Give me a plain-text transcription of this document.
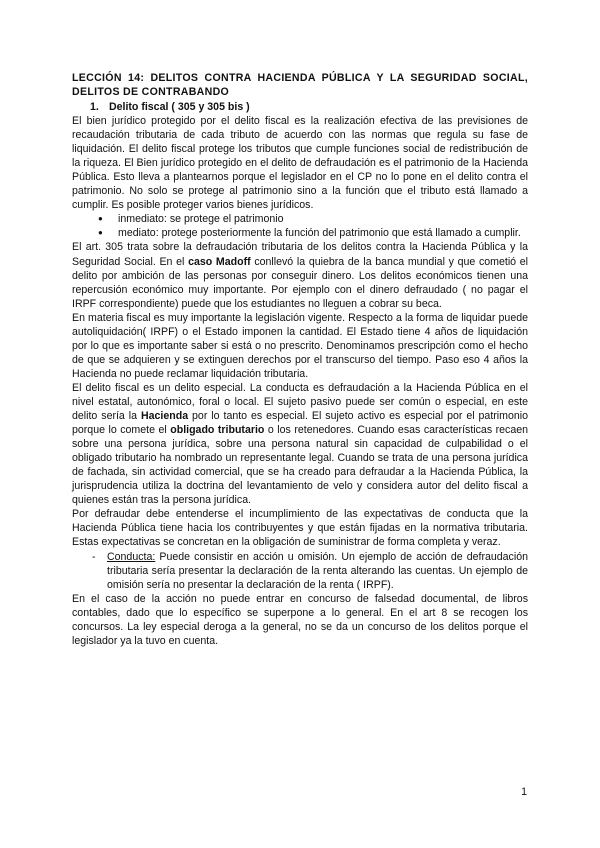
LECCIÓN 14: DELITOS CONTRA HACIENDA PÚBLICA Y LA SEGURIDAD SOCIAL, DELITOS DE CONTRABANDO

1. Delito fiscal ( 305 y 305 bis )

El bien jurídico protegido por el delito fiscal es la realización efectiva de las previsiones de recaudación tributaria de cada tributo de acuerdo con las normas que regula su fase de liquidación. El delito fiscal protege los tributos que cumple funciones social de redistribución de la riqueza. El Bien jurídico protegido en el delito de defraudación es el patrimonio de la Hacienda Pública. Esto lleva a plantearnos porque el legislador en el CP no lo pone en el delito contra el patrimonio. No solo se protege al patrimonio sino a la función que el tributo está llamado a cumplir. Es posible proteger varios bienes jurídicos.

● inmediato: se protege el patrimonio
● mediato: protege posteriormente la función del patrimonio que está llamado a cumplir.

El art. 305 trata sobre la defraudación tributaria de los delitos contra la Hacienda Pública y la Seguridad Social. En el caso Madoff conllevó la quiebra de la banca mundial y que cometió el delito por ambición de las personas por conseguir dinero. Los delitos económicos tienen una repercusión económico muy importante. Por ejemplo con el dinero defraudado ( no pagar el IRPF correspondiente) puede que los estudiantes no lleguen a cobrar su beca.

En materia fiscal es muy importante la legislación vigente. Respecto a la forma de liquidar puede autoliquidación( IRPF) o el Estado imponen la cantidad. El Estado tiene 4 años de liquidación por lo que es importante saber si está o no prescrito. Denominamos prescripción como el hecho de que se adquieren y se extinguen derechos por el transcurso del tiempo. Paso eso 4 años la Hacienda no puede reclamar liquidación tributaria.

El delito fiscal es un delito especial. La conducta es defraudación a la Hacienda Pública en el nivel estatal, autonómico, foral o local. El sujeto pasivo puede ser común o especial, en este delito sería la Hacienda por lo tanto es especial. El sujeto activo es especial por el patrimonio porque lo comete el obligado tributario o los retenedores. Cuando esas características recaen sobre una persona jurídica, sobre una persona natural sin capacidad de culpabilidad o el obligado tributario ha nombrado un representante legal. Cuando se trata de una persona jurídica de fachada, sin actividad comercial, que se ha creado para defraudar a la Hacienda Pública, la jurisprudencia utiliza la doctrina del levantamiento de velo y considera autor del delito fiscal a quienes están tras la persona jurídica.

Por defraudar debe entenderse el incumplimiento de las expectativas de conducta que la Hacienda Pública tiene hacia los contribuyentes y que están fijadas en la normativa tributaria. Estas expectativas se concretan en la obligación de suministrar de forma completa y veraz.

- Conducta: Puede consistir en acción u omisión. Un ejemplo de acción de defraudación tributaria sería presentar la declaración de la renta alterando las cuentas. Un ejemplo de omisión sería no presentar la declaración de la renta ( IRPF).

En el caso de la acción no puede entrar en concurso de falsedad documental, de libros contables, dado que lo específico se superpone a lo general. En el art 8 se recogen los concursos. La ley especial deroga a la general, no se da un concurso de los delitos porque el legislador ya la tuvo en cuenta.

1
